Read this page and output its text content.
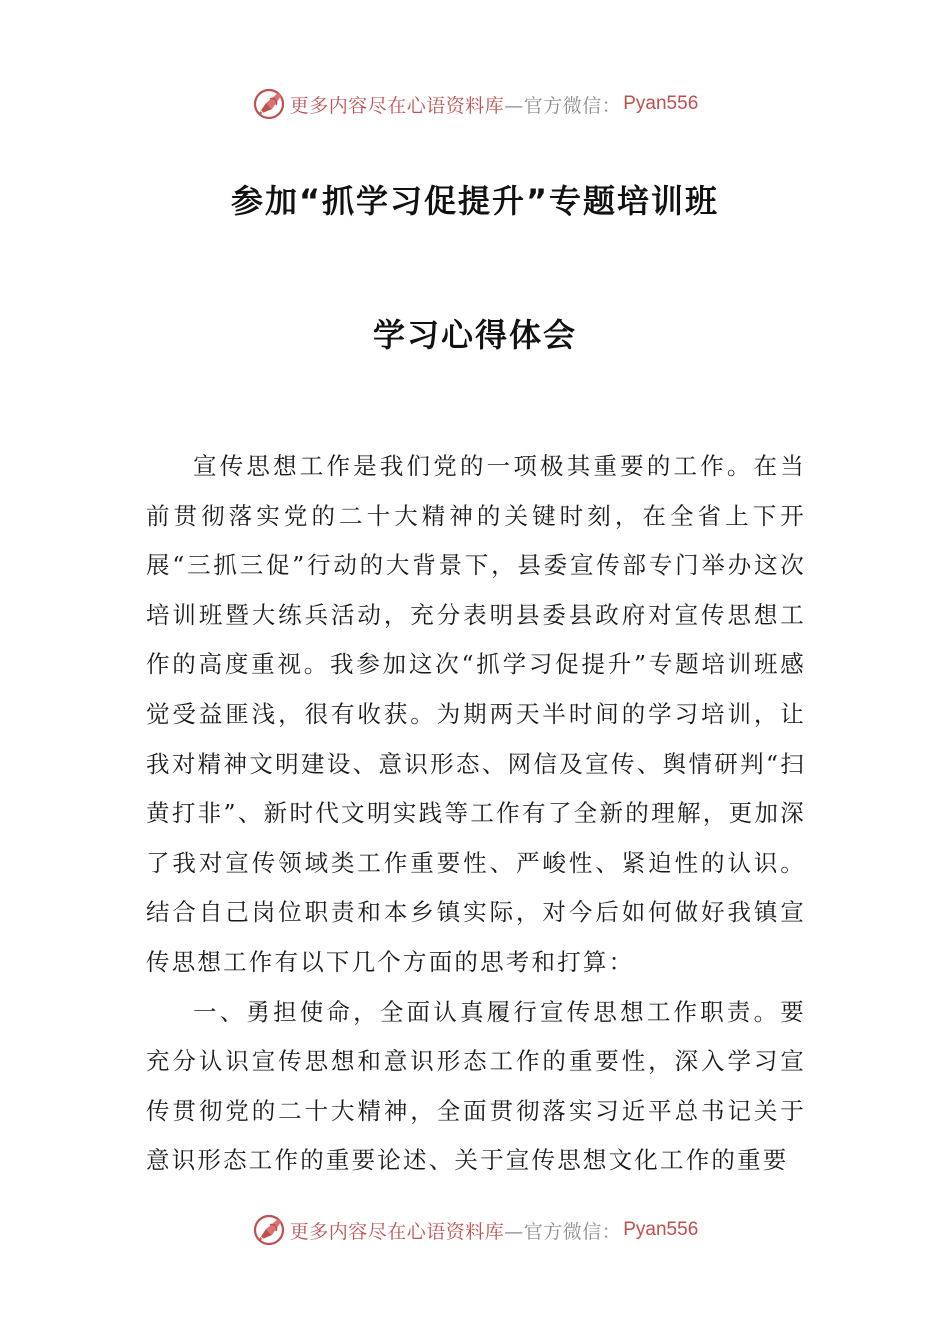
更多内容尽在心语资料库 —官方微信： Pyan556
参加“抓学习促提升”专题培训班
学习心得体会

宣传思想工作是我们党的一项极其重要的工作。在当前贯彻落实党的二十大精神的关键时刻，在全省上下开展“三抓三促”行动的大背景下，县委宣传部专门举办这次培训班暨大练兵活动，充分表明县委县政府对宣传思想工作的高度重视。我参加这次“抓学习促提升”专题培训班感觉受益匪浅，很有收获。为期两天半时间的学习培训，让我对精神文明建设、意识形态、网信及宣传、舆情研判“扫黄打非”、新时代文明实践等工作有了全新的理解，更加深了我对宣传领域类工作重要性、严峻性、紧迫性的认识。结合自己岗位职责和本乡镇实际，对今后如何做好我镇宣传思想工作有以下几个方面的思考和打算：

一、勇担使命，全面认真履行宣传思想工作职责。要充分认识宣传思想和意识形态工作的重要性，深入学习宣传贯彻党的二十大精神，全面贯彻落实习近平总书记关于意识形态工作的重要论述、关于宣传思想文化工作的重要

更多内容尽在心语资料库 —官方微信： Pyan556
